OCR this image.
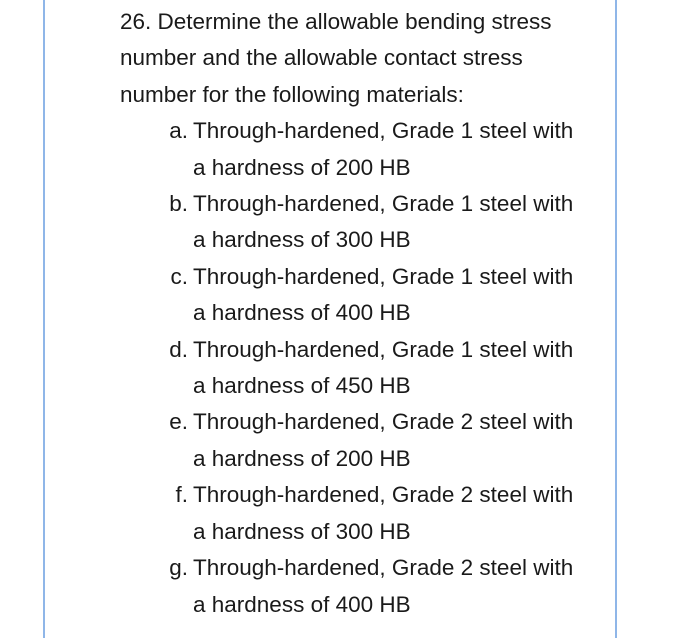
26. Determine the allowable bending stress
number and the allowable contact stress
number for the following materials:

a. Through-hardened, Grade 1 steel with
a hardness of 200 HB
b. Through-hardened, Grade 1 steel with
a hardness of 300 HB
c. Through-hardened, Grade 1 steel with
a hardness of 400 HB
d. Through-hardened, Grade 1 steel with
a hardness of 450 HB
e. Through-hardened, Grade 2 steel with
a hardness of 200 HB
f. Through-hardened, Grade 2 steel with
a hardness of 300 HB
g. Through-hardened, Grade 2 steel with
a hardness of 400 HB
